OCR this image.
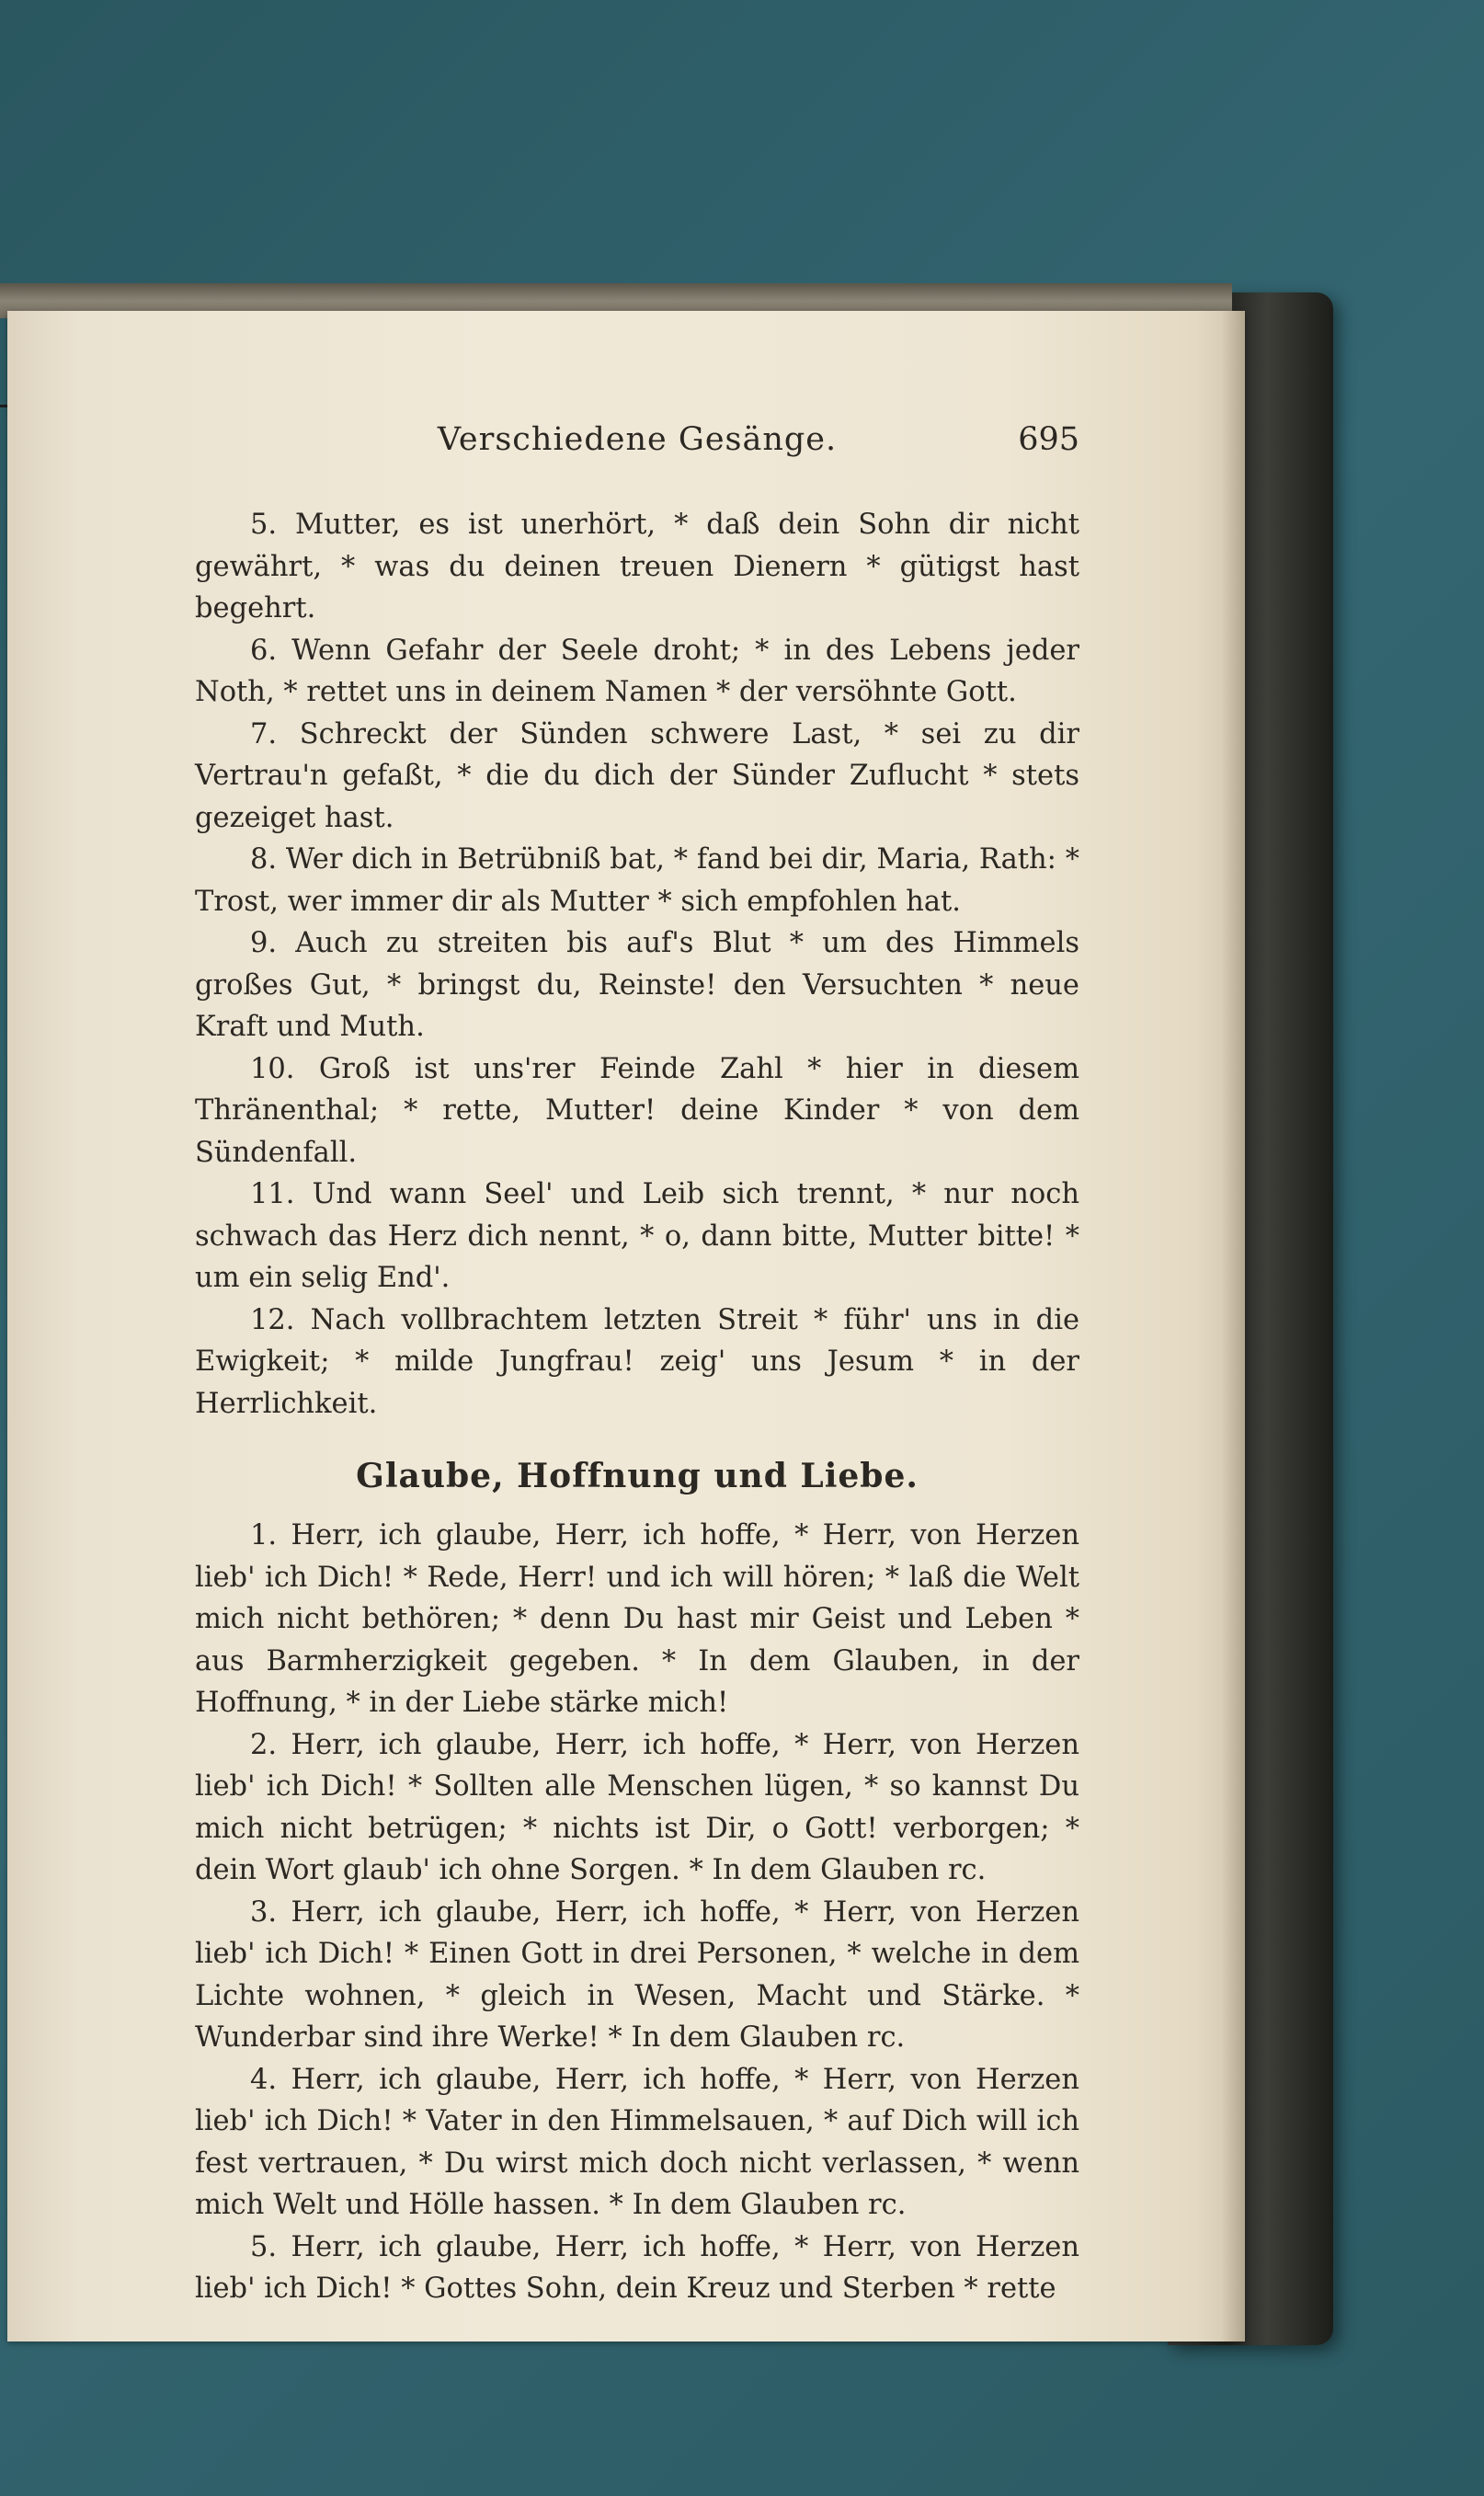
Verschiedene Gesänge.	695

5. Mutter, es ist unerhört, * daß dein Sohn dir nicht gewährt, * was du deinen treuen Dienern * gütigst hast begehrt.

6. Wenn Gefahr der Seele droht; * in des Lebens jeder Noth, * rettet uns in deinem Namen * der versöhnte Gott.

7. Schreckt der Sünden schwere Last, * sei zu dir Vertrau'n gefaßt, * die du dich der Sünder Zuflucht * stets gezeiget hast.

8. Wer dich in Betrübniß bat, * fand bei dir, Maria, Rath: * Trost, wer immer dir als Mutter * sich empfohlen hat.

9. Auch zu streiten bis auf's Blut * um des Himmels großes Gut, * bringst du, Reinste! den Versuchten * neue Kraft und Muth.

10. Groß ist uns'rer Feinde Zahl * hier in diesem Thränenthal; * rette, Mutter! deine Kinder * von dem Sündenfall.

11. Und wann Seel' und Leib sich trennt, * nur noch schwach das Herz dich nennt, * o, dann bitte, Mutter bitte! * um ein selig End'.

12. Nach vollbrachtem letzten Streit * führ' uns in die Ewigkeit; * milde Jungfrau! zeig' uns Jesum * in der Herrlichkeit.

Glaube, Hoffnung und Liebe.

1. Herr, ich glaube, Herr, ich hoffe, * Herr, von Herzen lieb' ich Dich! * Rede, Herr! und ich will hören; * laß die Welt mich nicht bethören; * denn Du hast mir Geist und Leben * aus Barmherzigkeit gegeben. * In dem Glauben, in der Hoffnung, * in der Liebe stärke mich!

2. Herr, ich glaube, Herr, ich hoffe, * Herr, von Herzen lieb' ich Dich! * Sollten alle Menschen lügen, * so kannst Du mich nicht betrügen; * nichts ist Dir, o Gott! verborgen; * dein Wort glaub' ich ohne Sorgen. * In dem Glauben rc.

3. Herr, ich glaube, Herr, ich hoffe, * Herr, von Herzen lieb' ich Dich! * Einen Gott in drei Personen, * welche in dem Lichte wohnen, * gleich in Wesen, Macht und Stärke. * Wunderbar sind ihre Werke! * In dem Glauben rc.

4. Herr, ich glaube, Herr, ich hoffe, * Herr, von Herzen lieb' ich Dich! * Vater in den Himmelsauen, * auf Dich will ich fest vertrauen, * Du wirst mich doch nicht verlassen, * wenn mich Welt und Hölle hassen. * In dem Glauben rc.

5. Herr, ich glaube, Herr, ich hoffe, * Herr, von Herzen lieb' ich Dich! * Gottes Sohn, dein Kreuz und Sterben * rette
